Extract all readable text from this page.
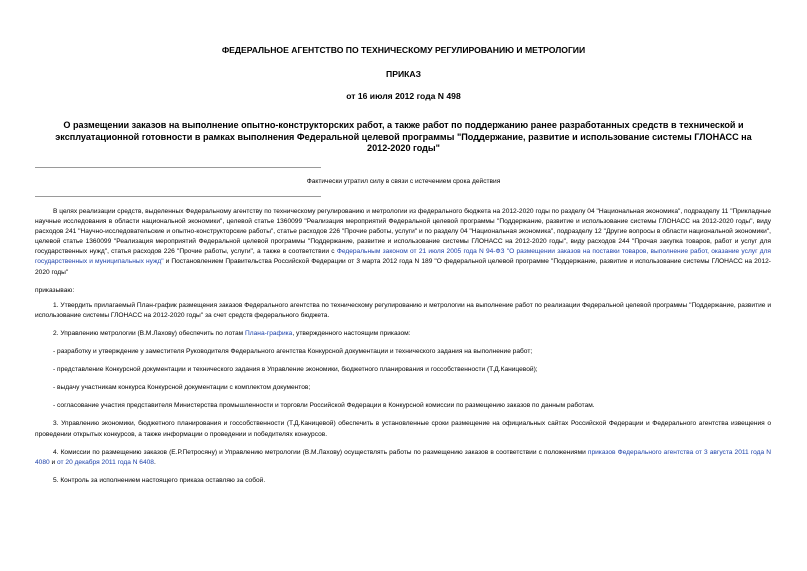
ФЕДЕРАЛЬНОЕ АГЕНТСТВО ПО ТЕХНИЧЕСКОМУ РЕГУЛИРОВАНИЮ И МЕТРОЛОГИИ
ПРИКАЗ
от 16 июля 2012 года N 498
О размещении заказов на выполнение опытно-конструкторских работ, а также работ по поддержанию ранее разработанных средств в технической и эксплуатационной готовности в рамках выполнения Федеральной целевой программы "Поддержание, развитие и использование системы ГЛОНАСС на 2012-2020 годы"
Фактически утратил силу в связи с истечением срока действия

В целях реализации средств, выделенных Федеральному агентству по техническому регулированию и метрологии из федерального бюджета на 2012-2020 годы по разделу 04 "Национальная экономика", подразделу 11 "Прикладные научные исследования в области национальной экономики", целевой статье 1360099 "Реализация мероприятий Федеральной целевой программы "Поддержание, развитие и использование системы ГЛОНАСС на 2012-2020 годы", виду расходов 241 "Научно-исследовательские и опытно-конструкторские работы", статье расходов 226 "Прочие работы, услуги" и по разделу 04 "Национальная экономика", подразделу 12 "Другие вопросы в области национальной экономики", целевой статье 1360099 "Реализация мероприятий Федеральной целевой программы "Поддержание, развитие и использование системы ГЛОНАСС на 2012-2020 годы", виду расходов 244 "Прочая закупка товаров, работ и услуг для государственных нужд", статья расходов 226 "Прочие работы, услуги", а также в соответствии с Федеральным законом от 21 июля 2005 года N 94-ФЗ "О размещении заказов на поставки товаров, выполнение работ, оказание услуг для государственных и муниципальных нужд" и Постановлением Правительства Российской Федерации от 3 марта 2012 года N 189 "О федеральной целевой программе "Поддержание, развитие и использование системы ГЛОНАСС на 2012-2020 годы"

приказываю:

1. Утвердить прилагаемый План-график размещения заказов Федерального агентства по техническому регулированию и метрологии на выполнение работ по реализации Федеральной целевой программы "Поддержание, развитие и использование системы ГЛОНАСС на 2012-2020 годы" за счет средств федерального бюджета.

2. Управлению метрологии (В.М.Лахову) обеспечить по лотам Плана-графика, утвержденного настоящим приказом:

- разработку и утверждение у заместителя Руководителя Федерального агентства Конкурсной документации и технического задания на выполнение работ;

- представление Конкурсной документации и технического задания в Управление экономики, бюджетного планирования и госсобственности (Т.Д.Каницевой);

- выдачу участникам конкурса Конкурсной документации с комплектом документов;

- согласование участия представителя Министерства промышленности и торговли Российской Федерации в Конкурсной комиссии по размещению заказов по данным работам.

3. Управлению экономики, бюджетного планирования и госсобственности (Т.Д.Каницевой) обеспечить в установленные сроки размещение на официальных сайтах Российской Федерации и Федерального агентства извещения о проведении открытых конкурсов, а также информации о проведении и победителях конкурсов.

4. Комиссии по размещению заказов (Е.Р.Петросяну) и Управлению метрологии (В.М.Лахову) осуществлять работы по размещению заказов в соответствии с положениями приказов Федерального агентства от 3 августа 2011 года N 4080 и от 20 декабря 2011 года N 6408.

5. Контроль за исполнением настоящего приказа оставляю за собой.
